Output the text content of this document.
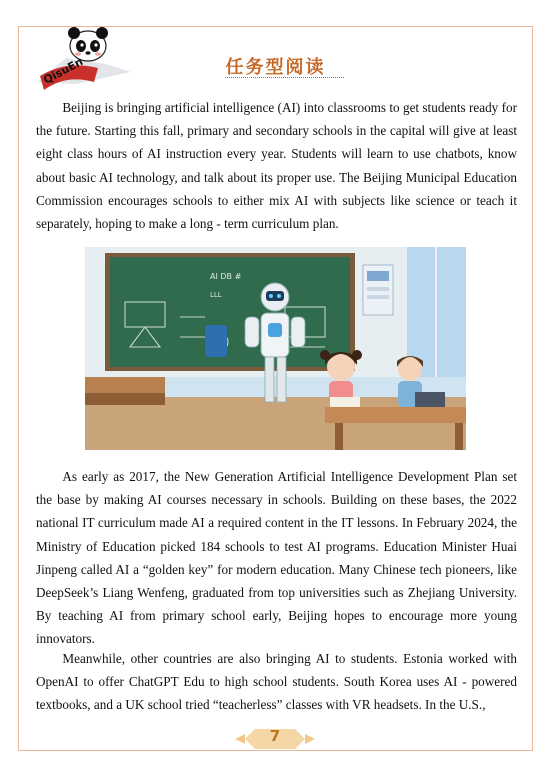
QisuEn	任务型阅读

Beijing is bringing artificial intelligence (AI) into classrooms to get students ready for the future. Starting this fall, primary and secondary schools in the capital will give at least eight class hours of AI instruction every year. Students will learn to use chatbots, know about basic AI technology, and talk about its proper use. The Beijing Municipal Education Commission encourages schools to either mix AI with subjects like science or teach it separately, hoping to make a long - term curriculum plan.

AI DB #
LLL

As early as 2017, the New Generation Artificial Intelligence Development Plan set the base by making AI courses necessary in schools. Building on these bases, the 2022 national IT curriculum made AI a required content in the IT lessons. In February 2024, the Ministry of Education picked 184 schools to test AI programs. Education Minister Huai Jinpeng called AI a “golden key” for modern education. Many Chinese tech pioneers, like DeepSeek’s Liang Wenfeng, graduated from top universities such as Zhejiang University. By teaching AI from primary school early, Beijing hopes to encourage more young innovators.

Meanwhile, other countries are also bringing AI to students. Estonia worked with OpenAI to offer ChatGPT Edu to high school students. South Korea uses AI - powered textbooks, and a UK school tried “teacherless” classes with VR headsets. In the U.S.,

7
